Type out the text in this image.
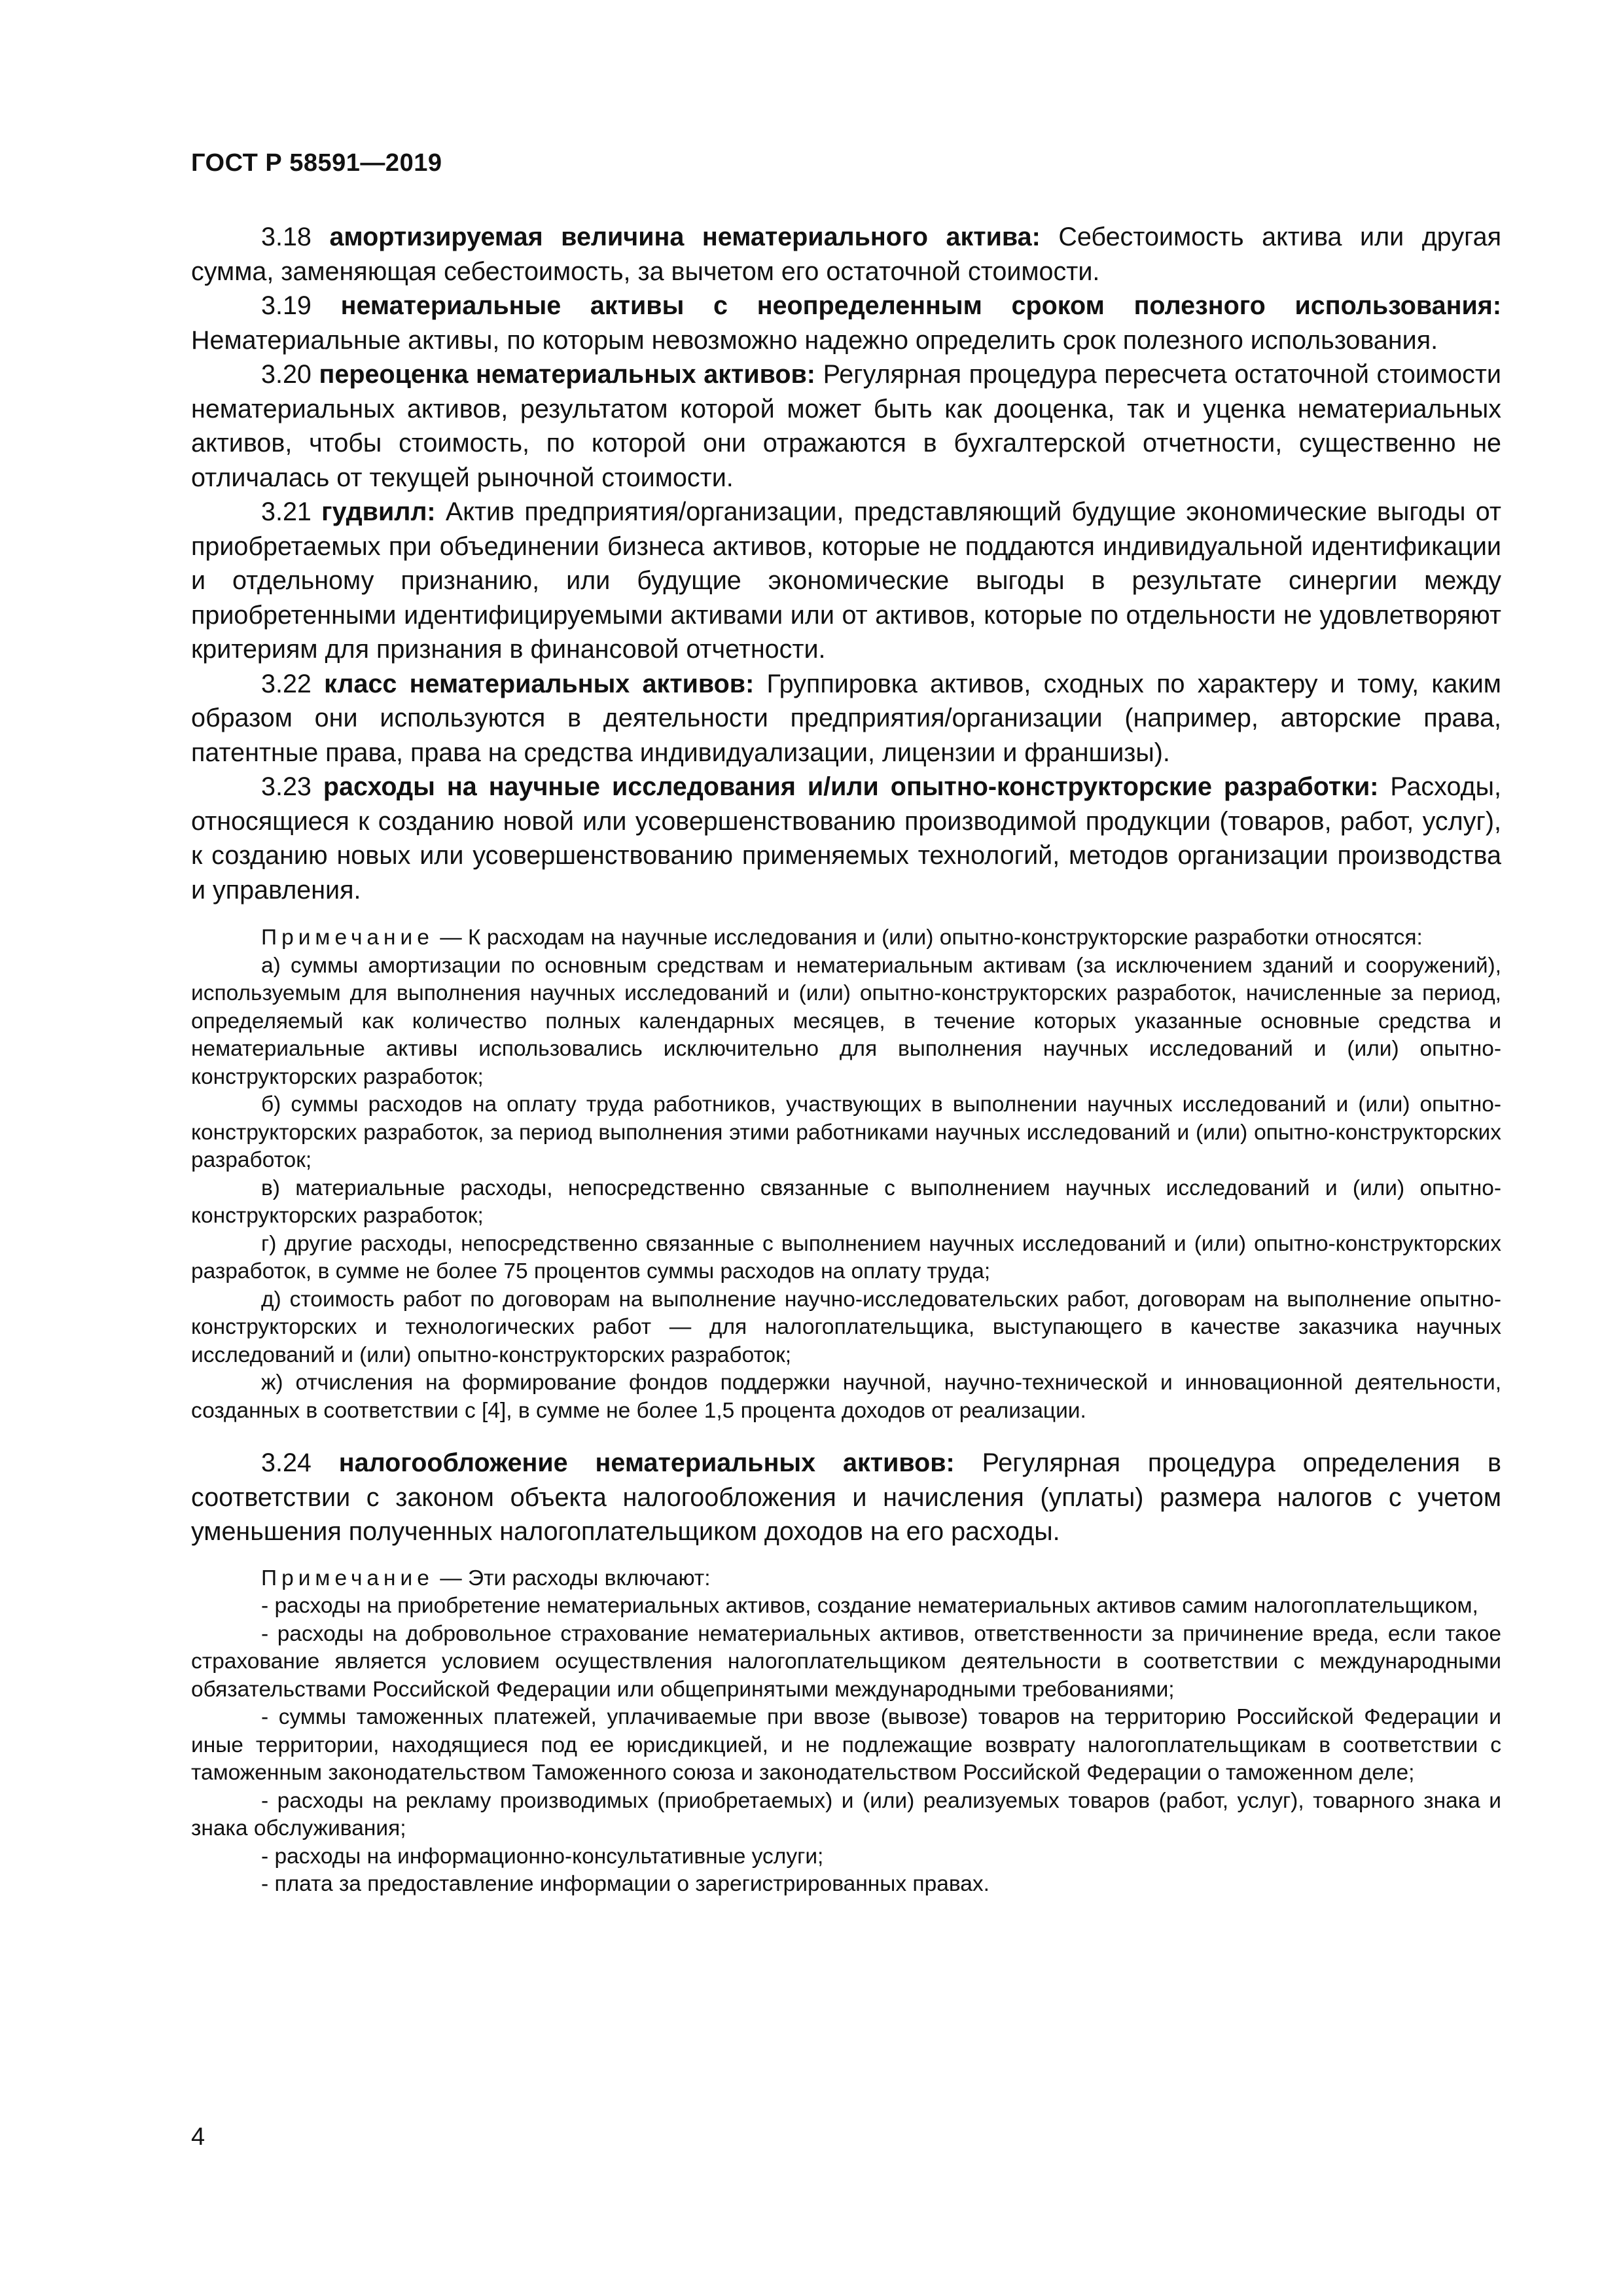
ГОСТ Р 58591—2019

3.18 амортизируемая величина нематериального актива: Себестоимость актива или другая сумма, заменяющая себестоимость, за вычетом его остаточной стоимости.

3.19 нематериальные активы с неопределенным сроком полезного использования: Нематериальные активы, по которым невозможно надежно определить срок полезного использования.

3.20 переоценка нематериальных активов: Регулярная процедура пересчета остаточной стоимости нематериальных активов, результатом которой может быть как дооценка, так и уценка нематериальных активов, чтобы стоимость, по которой они отражаются в бухгалтерской отчетности, существенно не отличалась от текущей рыночной стоимости.

3.21 гудвилл: Актив предприятия/организации, представляющий будущие экономические выгоды от приобретаемых при объединении бизнеса активов, которые не поддаются индивидуальной идентификации и отдельному признанию, или будущие экономические выгоды в результате синергии между приобретенными идентифицируемыми активами или от активов, которые по отдельности не удовлетворяют критериям для признания в финансовой отчетности.

3.22 класс нематериальных активов: Группировка активов, сходных по характеру и тому, каким образом они используются в деятельности предприятия/организации (например, авторские права, патентные права, права на средства индивидуализации, лицензии и франшизы).

3.23 расходы на научные исследования и/или опытно-конструкторские разработки: Расходы, относящиеся к созданию новой или усовершенствованию производимой продукции (товаров, работ, услуг), к созданию новых или усовершенствованию применяемых технологий, методов организации производства и управления.

Примечание — К расходам на научные исследования и (или) опытно-конструкторские разработки относятся:

а) суммы амортизации по основным средствам и нематериальным активам (за исключением зданий и сооружений), используемым для выполнения научных исследований и (или) опытно-конструкторских разработок, начисленные за период, определяемый как количество полных календарных месяцев, в течение которых указанные основные средства и нематериальные активы использовались исключительно для выполнения научных исследований и (или) опытно-конструкторских разработок;

б) суммы расходов на оплату труда работников, участвующих в выполнении научных исследований и (или) опытно-конструкторских разработок, за период выполнения этими работниками научных исследований и (или) опытно-конструкторских разработок;

в) материальные расходы, непосредственно связанные с выполнением научных исследований и (или) опытно-конструкторских разработок;

г) другие расходы, непосредственно связанные с выполнением научных исследований и (или) опытно-конструкторских разработок, в сумме не более 75 процентов суммы расходов на оплату труда;

д) стоимость работ по договорам на выполнение научно-исследовательских работ, договорам на выполнение опытно-конструкторских и технологических работ — для налогоплательщика, выступающего в качестве заказчика научных исследований и (или) опытно-конструкторских разработок;

ж) отчисления на формирование фондов поддержки научной, научно-технической и инновационной деятельности, созданных в соответствии с [4], в сумме не более 1,5 процента доходов от реализации.

3.24 налогообложение нематериальных активов: Регулярная процедура определения в соответствии с законом объекта налогообложения и начисления (уплаты) размера налогов с учетом уменьшения полученных налогоплательщиком доходов на его расходы.

Примечание — Эти расходы включают:

- расходы на приобретение нематериальных активов, создание нематериальных активов самим налогоплательщиком,

- расходы на добровольное страхование нематериальных активов, ответственности за причинение вреда, если такое страхование является условием осуществления налогоплательщиком деятельности в соответствии с международными обязательствами Российской Федерации или общепринятыми международными требованиями;

- суммы таможенных платежей, уплачиваемые при ввозе (вывозе) товаров на территорию Российской Федерации и иные территории, находящиеся под ее юрисдикцией, и не подлежащие возврату налогоплательщикам в соответствии с таможенным законодательством Таможенного союза и законодательством Российской Федерации о таможенном деле;

- расходы на рекламу производимых (приобретаемых) и (или) реализуемых товаров (работ, услуг), товарного знака и знака обслуживания;

- расходы на информационно-консультативные услуги;

- плата за предоставление информации о зарегистрированных правах.

4
